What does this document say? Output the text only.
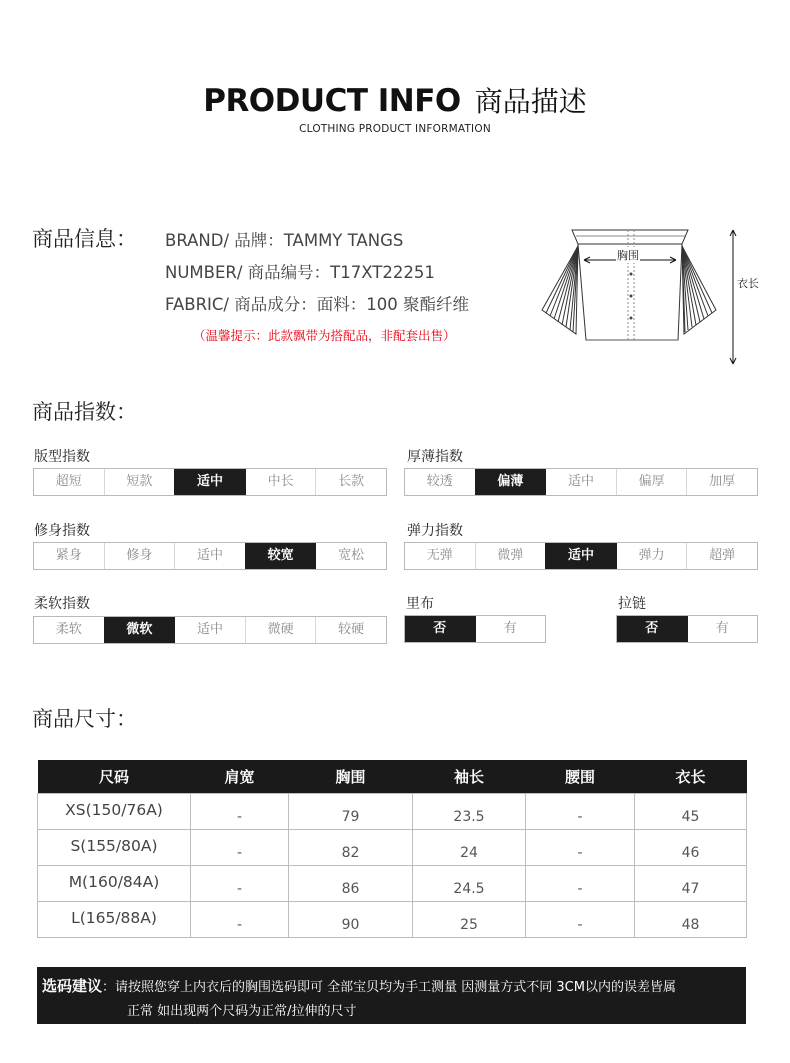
PRODUCT INFO 商品描述
CLOTHING PRODUCT INFORMATION
商品信息： BRAND/ 品牌：TAMMY TANGS
NUMBER/ 商品编号：T17XT22251
FABRIC/ 商品成分：面料：100 聚酯纤维
（温馨提示：此款飘带为搭配品，非配套出售）
胸围
衣长
商品指数：
版型指数
超短	短款	适中	中长	长款
厚薄指数
较透	偏薄	适中	偏厚	加厚
修身指数
紧身	修身	适中	较宽	宽松
弹力指数
无弹	微弹	适中	弹力	超弹
柔软指数
柔软	微软	适中	微硬	较硬
里布
否	有
拉链
否	有
商品尺寸：
尺码	肩宽	胸围	袖长	腰围	衣长
XS(150/76A)	-	79	23.5	-	45
S(155/80A)	-	82	24	-	46
M(160/84A)	-	86	24.5	-	47
L(165/88A)	-	90	25	-	48
选码建议：请按照您穿上内衣后的胸围选码即可 全部宝贝均为手工测量 因测量方式不同 3CM以内的误差皆属
正常 如出现两个尺码为正常/拉伸的尺寸
